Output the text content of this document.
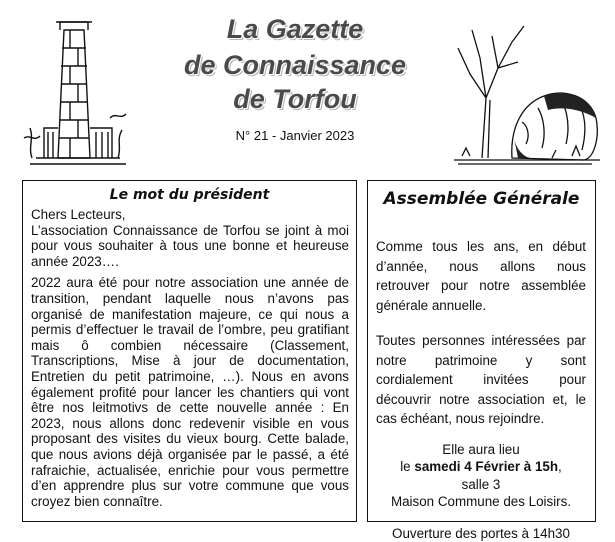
La Gazette
de Connaissance
de Torfou
N° 21 - Janvier 2023
Le mot du président
Chers Lecteurs,

L’association Connaissance de Torfou se joint à moi pour vous souhaiter à tous une bonne et heureuse année 2023….

2022 aura été pour notre association une année de transition, pendant laquelle nous n’avons pas organisé de manifestation majeure, ce qui nous a permis d’effectuer le travail de l’ombre, peu gratifiant mais ô combien nécessaire (Classement, Transcriptions, Mise à jour de documentation, Entretien du petit patrimoine, …). Nous en avons également profité pour lancer les chantiers qui vont être nos leitmotivs de cette nouvelle année : En 2023, nous allons donc redevenir visible en vous proposant des visites du vieux bourg. Cette balade, que nous avions déjà organisée par le passé, a été rafraichie, actualisée, enrichie pour vous permettre d’en apprendre plus sur votre commune que vous croyez bien connaître.

Assemblée Générale

Comme tous les ans, en début d’année, nous allons nous retrouver pour notre assemblée générale annuelle.

Toutes personnes intéressées par notre patrimoine y sont cordialement invitées pour découvrir notre association et, le cas échéant, nous rejoindre.

Elle aura lieu
le samedi 4 Février à 15h,
salle 3
Maison Commune des Loisirs.
Ouverture des portes à 14h30
